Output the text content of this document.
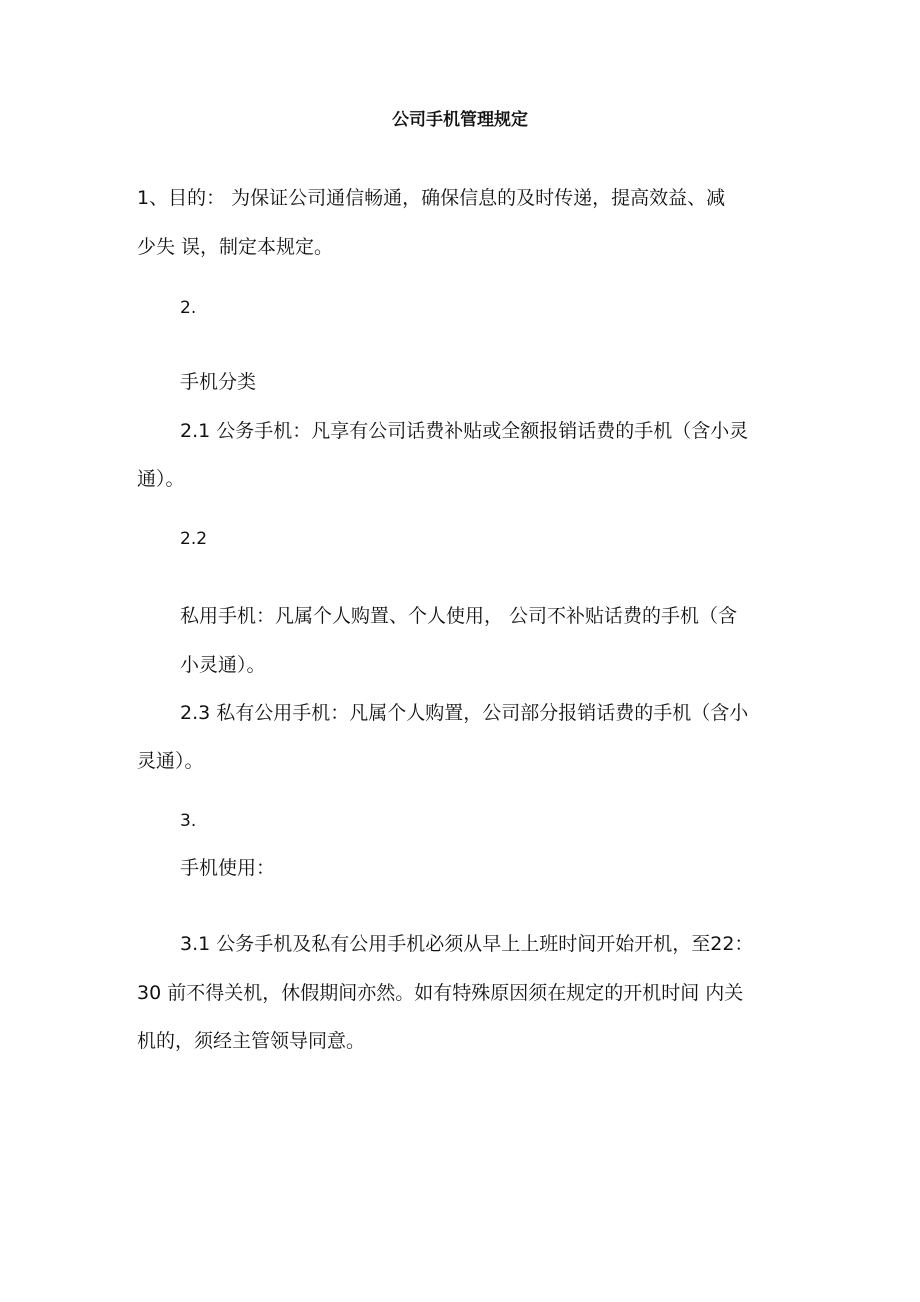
公司手机管理规定
1、目的： 为保证公司通信畅通，确保信息的及时传递，提高效益、减
少失 误，制定本规定。
2.
手机分类
2.1 公务手机：凡享有公司话费补贴或全额报销话费的手机（含小灵
通）。
2.2
私用手机：凡属个人购置、个人使用， 公司不补贴话费的手机（含
小灵通）。
2.3 私有公用手机：凡属个人购置，公司部分报销话费的手机（含小
灵通）。
3.
手机使用：
3.1 公务手机及私有公用手机必须从早上上班时间开始开机，至22：
30 前不得关机，休假期间亦然。如有特殊原因须在规定的开机时间 内关
机的，须经主管领导同意。
